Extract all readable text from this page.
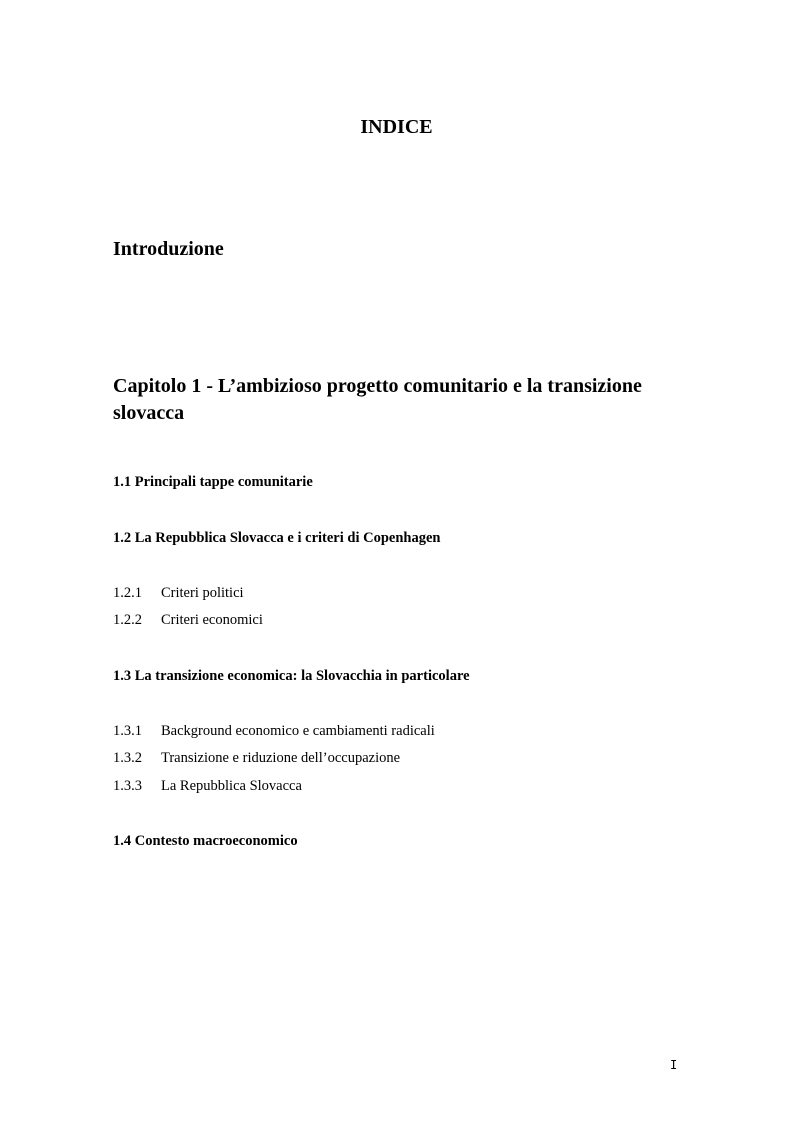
INDICE
Introduzione
Capitolo 1 - L’ambizioso progetto comunitario e la transizione slovacca

1.1 Principali tappe comunitarie

1.2 La Repubblica Slovacca e i criteri di Copenhagen

1.2.1 Criteri politici

1.2.2 Criteri economici

1.3 La transizione economica: la Slovacchia in particolare

1.3.1 Background economico e cambiamenti radicali

1.3.2 Transizione e riduzione dell’occupazione

1.3.3 La Repubblica Slovacca

1.4 Contesto macroeconomico

I
